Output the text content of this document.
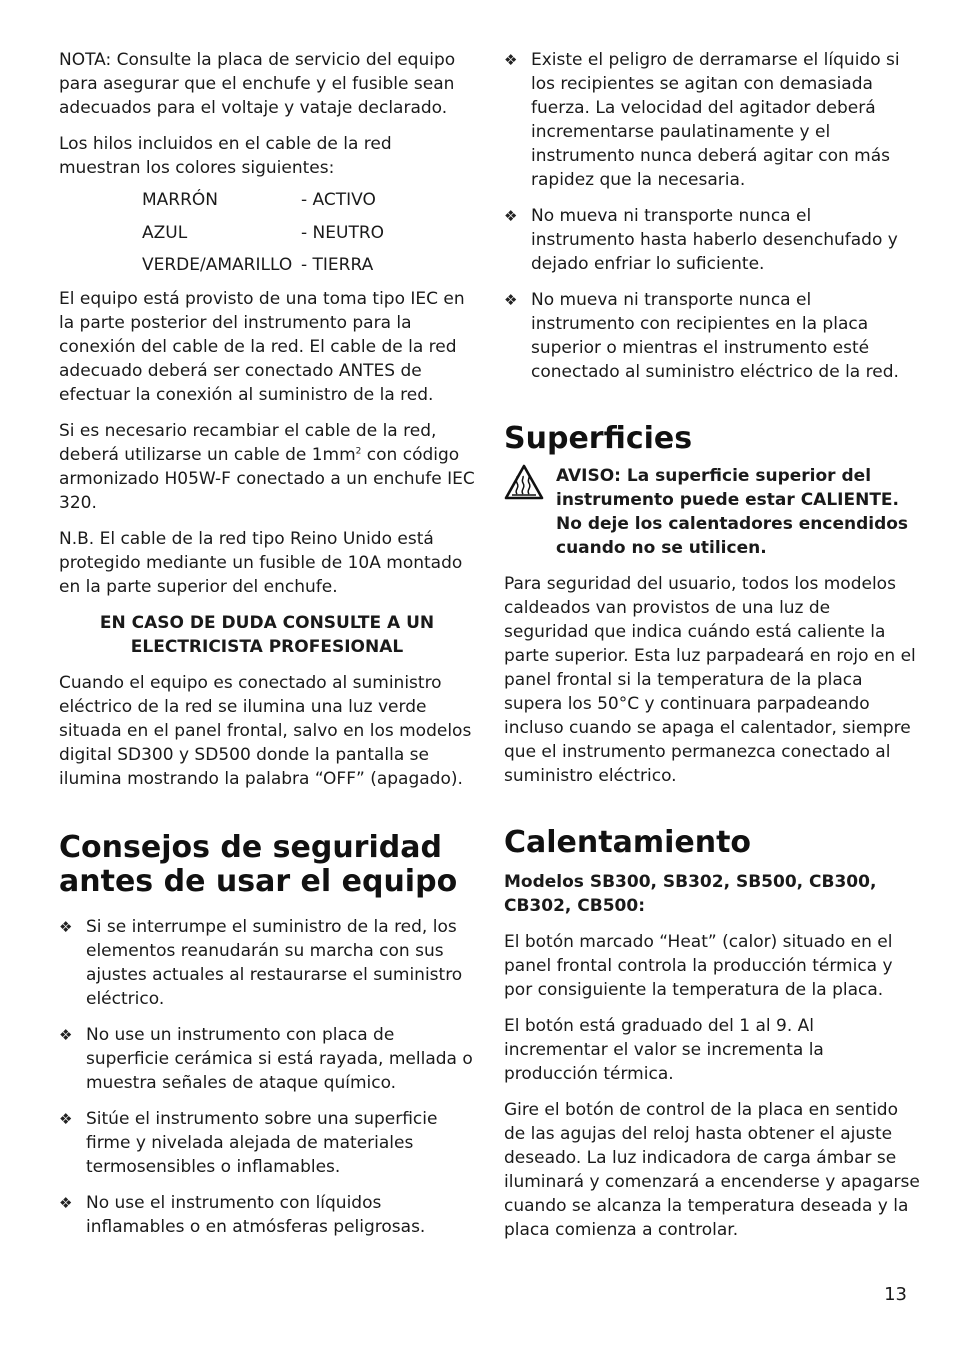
NOTA: Consulte la placa de servicio del equipo para asegurar que el enchufe y el fusible sean adecuados para el voltaje y vataje declarado.

Los hilos incluidos en el cable de la red muestran los colores siguientes:

MARRÓN	- ACTIVO
AZUL	- NEUTRO
VERDE/AMARILLO - TIERRA

El equipo está provisto de una toma tipo IEC en la parte posterior del instrumento para la conexión del cable de la red. El cable de la red adecuado deberá ser conectado ANTES de efectuar la conexión al suministro de la red.

Si es necesario recambiar el cable de la red, deberá utilizarse un cable de $1mm^2$ con código armonizado H05W-F conectado a un enchufe IEC 320.

N.B. El cable de la red tipo Reino Unido está protegido mediante un fusible de 10A montado en la parte superior del enchufe.

EN CASO DE DUDA CONSULTE A UN
ELECTRICISTA PROFESIONAL

Cuando el equipo es conectado al suministro eléctrico de la red se ilumina una luz verde situada en el panel frontal, salvo en los modelos digital SD300 y SD500 donde la pantalla se ilumina mostrando la palabra “OFF” (apagado).

Consejos de seguridad
antes de usar el equipo
❖ Si se interrumpe el suministro de la red, los elementos reanudarán su marcha con sus ajustes actuales al restaurarse el suministro eléctrico.
❖ No use un instrumento con placa de superficie cerámica si está rayada, mellada o muestra señales de ataque químico.
❖ Sitúe el instrumento sobre una superficie firme y nivelada alejada de materiales termosensibles o inflamables.
❖ No use el instrumento con líquidos inflamables o en atmósferas peligrosas.
❖ Existe el peligro de derramarse el líquido si los recipientes se agitan con demasiada fuerza. La velocidad del agitador deberá incrementarse paulatinamente y el instrumento nunca deberá agitar con más rapidez que la necesaria.
❖ No mueva ni transporte nunca el instrumento hasta haberlo desenchufado y dejado enfriar lo suficiente.
❖ No mueva ni transporte nunca el instrumento con recipientes en la placa superior o mientras el instrumento esté conectado al suministro eléctrico de la red.
Superficies
AVISO: La superficie superior del instrumento puede estar CALIENTE. No deje los calentadores encendidos cuando no se utilicen.

Para seguridad del usuario, todos los modelos caldeados van provistos de una luz de seguridad que indica cuándo está caliente la parte superior. Esta luz parpadeará en rojo en el panel frontal si la temperatura de la placa supera los 50°C y continuara parpadeando incluso cuando se apaga el calentador, siempre que el instrumento permanezca conectado al suministro eléctrico.

Calentamiento

Modelos SB300, SB302, SB500, CB300, CB302, CB500:

El botón marcado “Heat” (calor) situado en el panel frontal controla la producción térmica y por consiguiente la temperatura de la placa.

El botón está graduado del 1 al 9. Al incrementar el valor se incrementa la producción térmica.

Gire el botón de control de la placa en sentido de las agujas del reloj hasta obtener el ajuste deseado. La luz indicadora de carga ámbar se iluminará y comenzará a encenderse y apagarse cuando se alcanza la temperatura deseada y la placa comienza a controlar.

13
